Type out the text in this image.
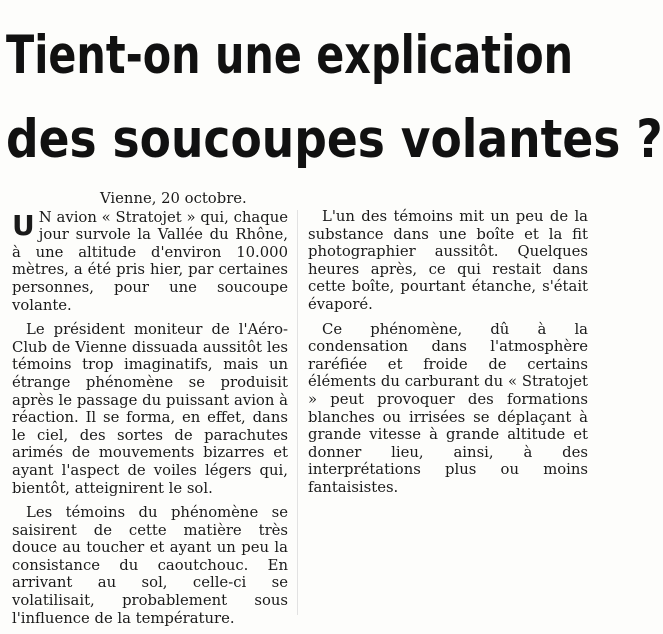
Tient-on une explication
des soucoupes volantes ?
Vienne, 20 octobre.
U N avion « Stratojet » qui, chaque jour survole la Vallée du Rhône, à une altitude d'environ 10.000 mètres, a été pris hier, par certaines personnes, pour une soucoupe volante.
Le président moniteur de l'Aéro-Club de Vienne dissuada aussitôt les témoins trop imaginatifs, mais un étrange phénomène se produisit après le passage du puissant avion à réaction. Il se forma, en effet, dans le ciel, des sortes de parachutes arimés de mouvements bizarres et ayant l'aspect de voiles légers qui, bientôt, atteignirent le sol.
Les témoins du phénomène se saisirent de cette matière très douce au toucher et ayant un peu la consistance du caoutchouc. En arrivant au sol, celle-ci se volatilisait, probablement sous l'influence de la température.
L'un des témoins mit un peu de la substance dans une boîte et la fit photographier aussitôt. Quelques heures après, ce qui restait dans cette boîte, pourtant étanche, s'était évaporé.
Ce phénomène, dû à la condensation dans l'atmosphère raréfiée et froide de certains éléments du carburant du « Stratojet » peut provoquer des formations blanches ou irrisées se déplaçant à grande vitesse à grande altitude et donner lieu, ainsi, à des interprétations plus ou moins fantaisistes.
